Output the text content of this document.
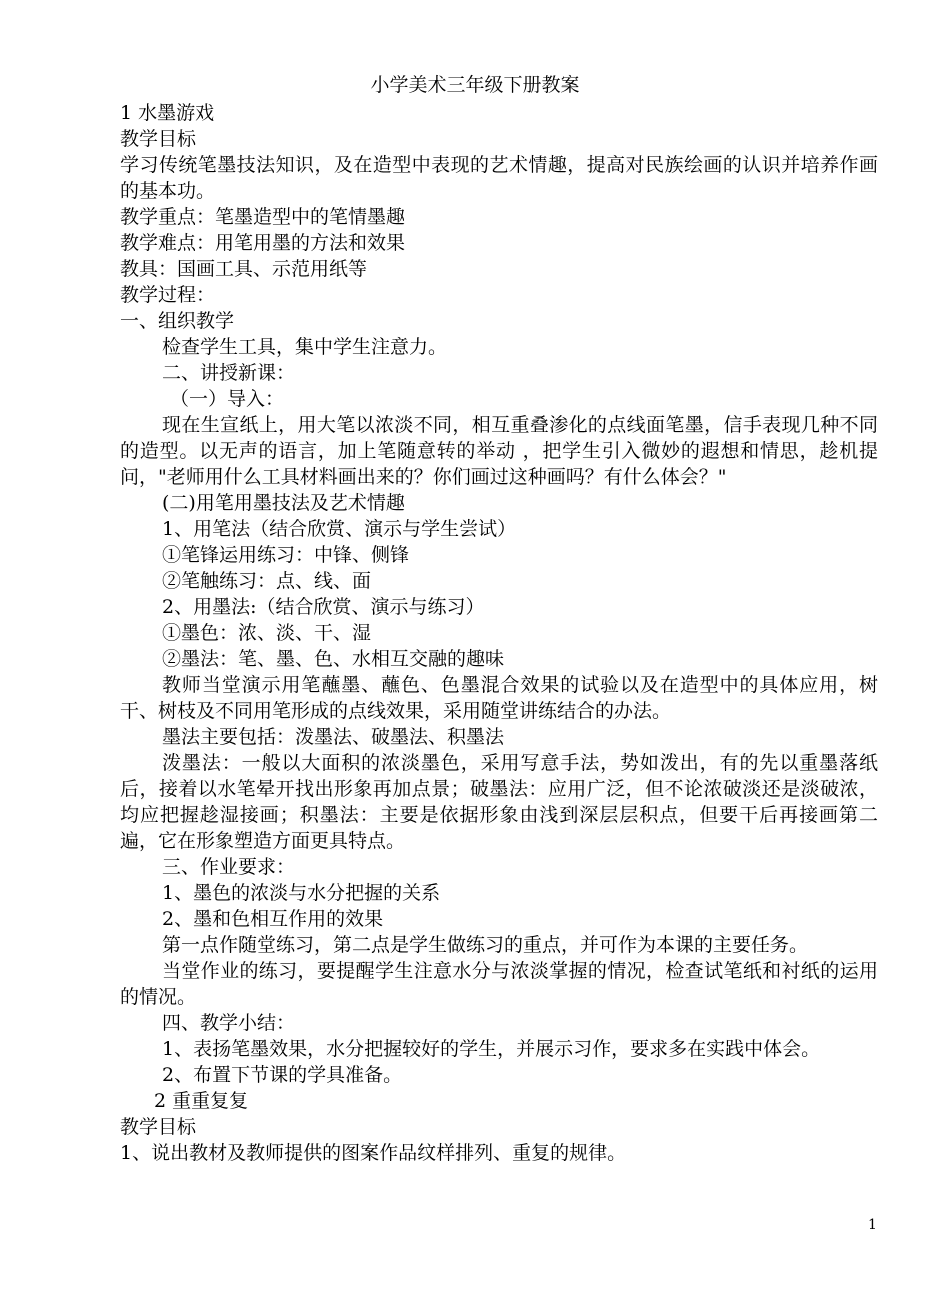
小学美术三年级下册教案

1 水墨游戏

教学目标

学习传统笔墨技法知识，及在造型中表现的艺术情趣，提高对民族绘画的认识并培养作画的基本功。

教学重点：笔墨造型中的笔情墨趣

教学难点：用笔用墨的方法和效果

教具：国画工具、示范用纸等

教学过程：

一、组织教学

检查学生工具，集中学生注意力。

二、讲授新课：

（一）导入：

现在生宣纸上，用大笔以浓淡不同，相互重叠渗化的点线面笔墨，信手表现几种不同的造型。以无声的语言，加上笔随意转的举动 ，把学生引入微妙的遐想和情思，趁机提问，"老师用什么工具材料画出来的？你们画过这种画吗？有什么体会？"

(二)用笔用墨技法及艺术情趣

1、用笔法（结合欣赏、演示与学生尝试）

①笔锋运用练习：中锋、侧锋

②笔触练习：点、线、面

2、用墨法:（结合欣赏、演示与练习）

①墨色：浓、淡、干、湿

②墨法：笔、墨、色、水相互交融的趣味

教师当堂演示用笔蘸墨、蘸色、色墨混合效果的试验以及在造型中的具体应用，树干、树枝及不同用笔形成的点线效果，采用随堂讲练结合的办法。

墨法主要包括：泼墨法、破墨法、积墨法

泼墨法：一般以大面积的浓淡墨色，采用写意手法，势如泼出，有的先以重墨落纸后，接着以水笔晕开找出形象再加点景；破墨法：应用广泛，但不论浓破淡还是淡破浓，均应把握趁湿接画；积墨法：主要是依据形象由浅到深层层积点，但要干后再接画第二遍，它在形象塑造方面更具特点。

三、作业要求：

1、墨色的浓淡与水分把握的关系

2、墨和色相互作用的效果

第一点作随堂练习，第二点是学生做练习的重点，并可作为本课的主要任务。

当堂作业的练习，要提醒学生注意水分与浓淡掌握的情况，检查试笔纸和衬纸的运用的情况。

四、教学小结：

1、表扬笔墨效果，水分把握较好的学生，并展示习作，要求多在实践中体会。

2、布置下节课的学具准备。

2 重重复复

教学目标

1、说出教材及教师提供的图案作品纹样排列、重复的规律。

1
